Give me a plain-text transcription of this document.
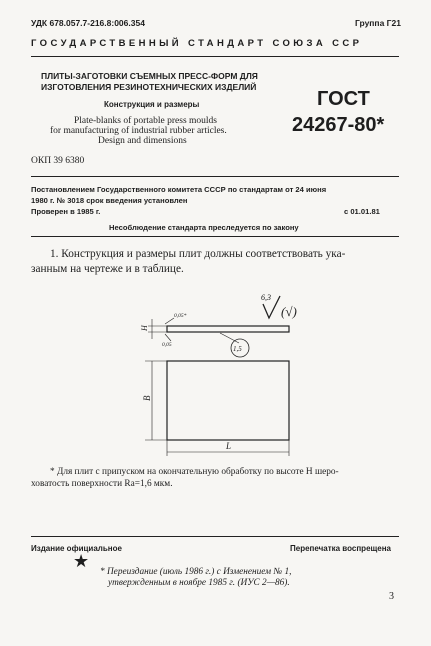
УДК 678.057.7-216.8:006.354	Группа Г21
ГОСУДАРСТВЕННЫЙ СТАНДАРТ СОЮЗА ССР
ПЛИТЫ-ЗАГОТОВКИ СЪЕМНЫХ ПРЕСС-ФОРМ ДЛЯ
ИЗГОТОВЛЕНИЯ РЕЗИНОТЕХНИЧЕСКИХ ИЗДЕЛИЙ
Конструкция и размеры
Plate-blanks of portable press moulds
for manufacturing of industrial rubber articles.
Design and dimensions
ГОСТ
24267-80*
ОКП 39 6380
Постановлением Государственного комитета СССР по стандартам от 24 июня
1980 г. № 3018 срок введения установлен
Проверен в 1985 г.	с 01.01.81
Несоблюдение стандарта преследуется по закону
1. Конструкция и размеры плит должны соответствовать ука-
занным на чертеже и в таблице.
6,3
(√)
H
0,05*
0,05	1,5
B
L
* Для плит с припуском на окончательную обработку по высоте H шеро-
ховатость поверхности Ra=1,6 мкм.
Издание официальное	Перепечатка воспрещена
★ * Переиздание (июль 1986 г.) с Изменением № 1,
утвержденным в ноябре 1985 г. (ИУС 2—86).
3
